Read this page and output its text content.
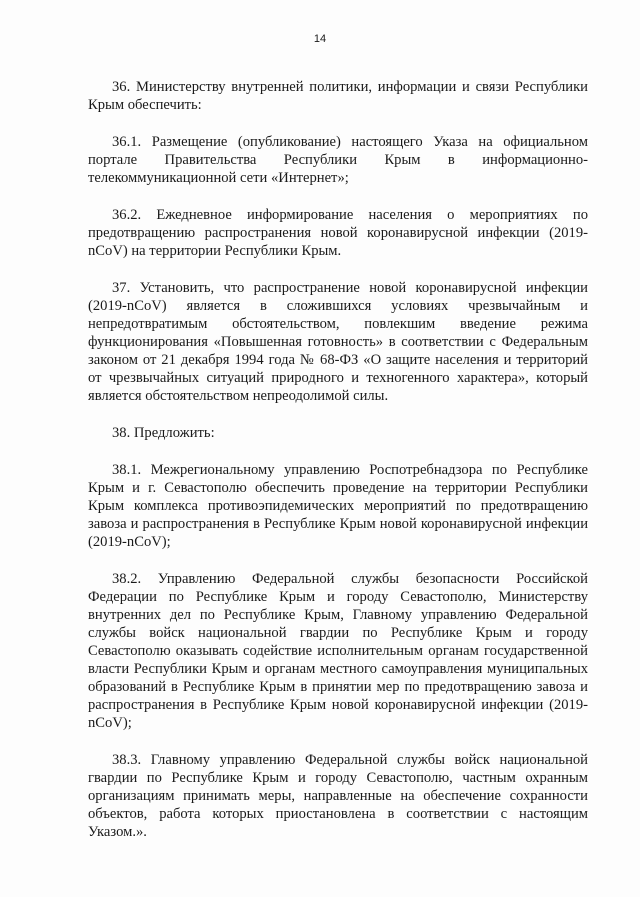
14

36. Министерству внутренней политики, информации и связи Республики Крым обеспечить:

36.1. Размещение (опубликование) настоящего Указа на официальном портале Правительства Республики Крым в информационно-телекоммуникационной сети «Интернет»;

36.2. Ежедневное информирование населения о мероприятиях по предотвращению распространения новой коронавирусной инфекции (2019-nCoV) на территории Республики Крым.

37. Установить, что распространение новой коронавирусной инфекции (2019-nCoV) является в сложившихся условиях чрезвычайным и непредотвратимым обстоятельством, повлекшим введение режима функционирования «Повышенная готовность» в соответствии с Федеральным законом от 21 декабря 1994 года № 68-ФЗ «О защите населения и территорий от чрезвычайных ситуаций природного и техногенного характера», который является обстоятельством непреодолимой силы.

38. Предложить:

38.1. Межрегиональному управлению Роспотребнадзора по Республике Крым и г. Севастополю обеспечить проведение на территории Республики Крым комплекса противоэпидемических мероприятий по предотвращению завоза и распространения в Республике Крым новой коронавирусной инфекции (2019-nCoV);

38.2. Управлению Федеральной службы безопасности Российской Федерации по Республике Крым и городу Севастополю, Министерству внутренних дел по Республике Крым, Главному управлению Федеральной службы войск национальной гвардии по Республике Крым и городу Севастополю оказывать содействие исполнительным органам государственной власти Республики Крым и органам местного самоуправления муниципальных образований в Республике Крым в принятии мер по предотвращению завоза и распространения в Республике Крым новой коронавирусной инфекции (2019-nCoV);

38.3. Главному управлению Федеральной службы войск национальной гвардии по Республике Крым и городу Севастополю, частным охранным организациям принимать меры, направленные на обеспечение сохранности объектов, работа которых приостановлена в соответствии с настоящим Указом.».
